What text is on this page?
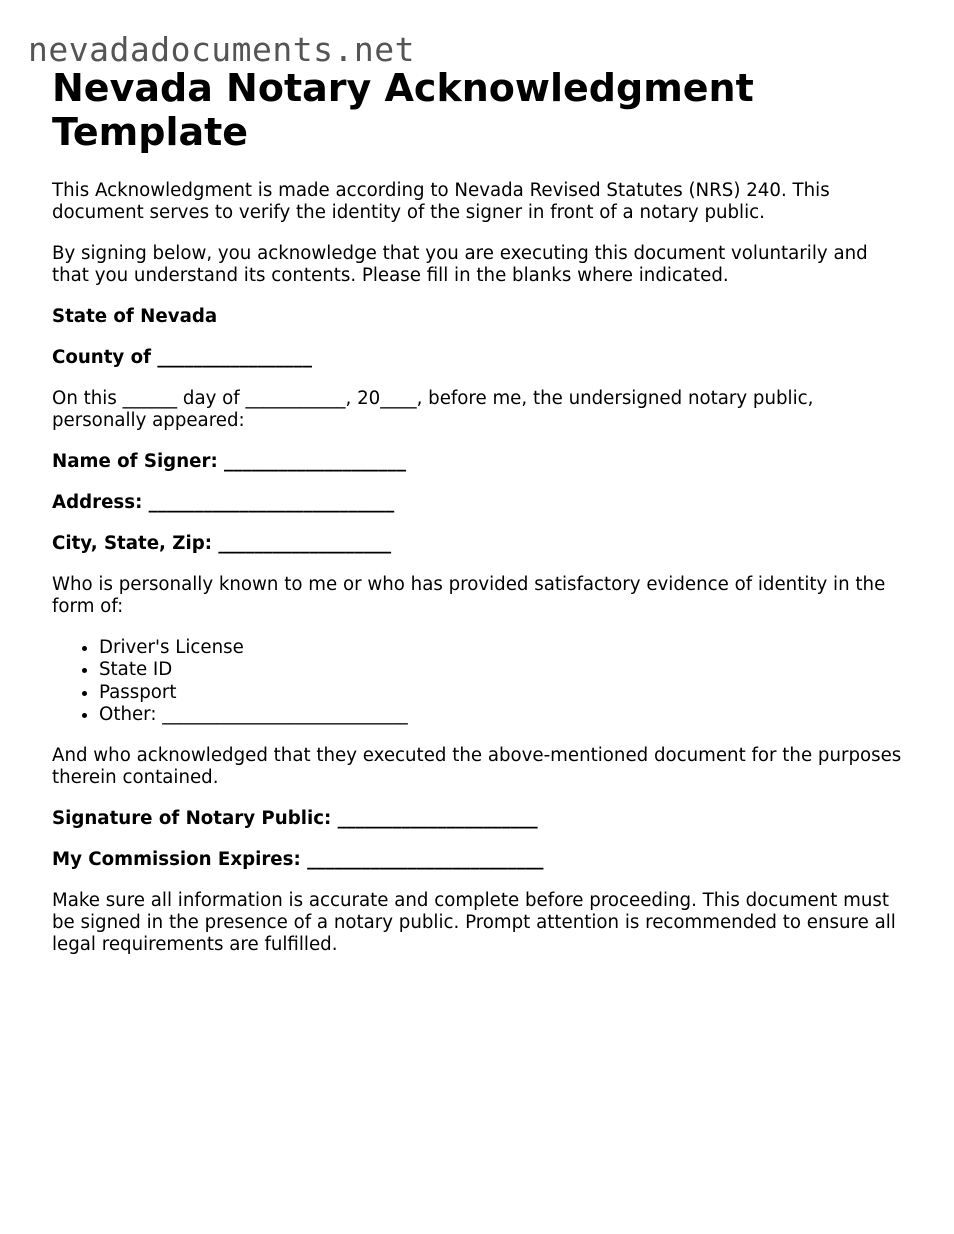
nevadadocuments.net
Nevada Notary Acknowledgment Template

This Acknowledgment is made according to Nevada Revised Statutes (NRS) 240. This document serves to verify the identity of the signer in front of a notary public.

By signing below, you acknowledge that you are executing this document voluntarily and that you understand its contents. Please fill in the blanks where indicated.

State of Nevada

County of _________________

On this ______ day of ___________, 20____, before me, the undersigned notary public, personally appeared:

Name of Signer: ____________________

Address: ___________________________

City, State, Zip: ___________________

Who is personally known to me or who has provided satisfactory evidence of identity in the form of:

• Driver's License
• State ID
• Passport
• Other: ___________________________

And who acknowledged that they executed the above-mentioned document for the purposes therein contained.

Signature of Notary Public: ______________________

My Commission Expires: __________________________

Make sure all information is accurate and complete before proceeding. This document must be signed in the presence of a notary public. Prompt attention is recommended to ensure all legal requirements are fulfilled.
